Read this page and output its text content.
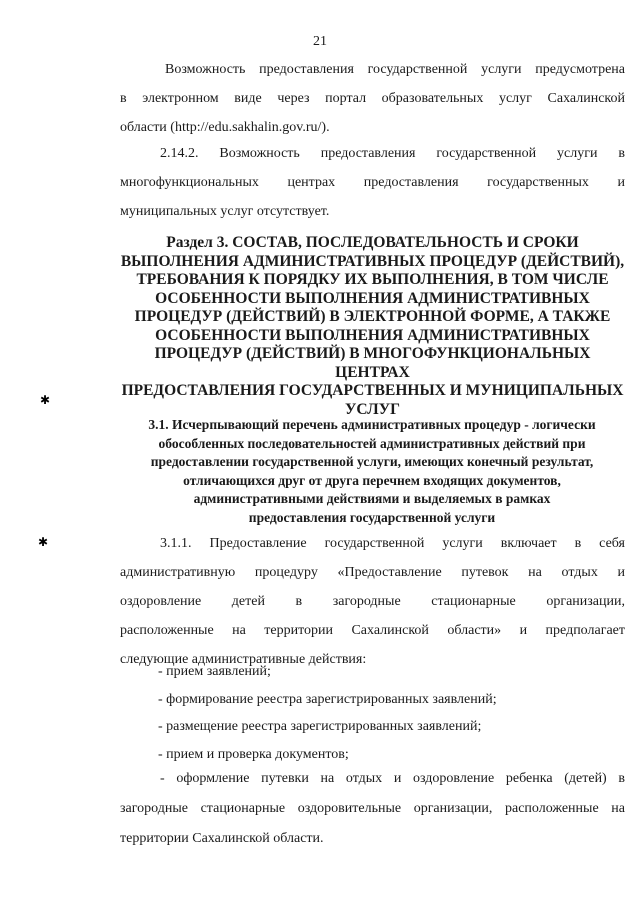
21
Возможность предоставления государственной услуги предусмотрена
в электронном виде через портал образовательных услуг Сахалинской
области (http://edu.sakhalin.gov.ru/).
2.14.2. Возможность предоставления государственной услуги в
многофункциональных центрах предоставления государственных и
муниципальных услуг отсутствует.
Раздел 3. СОСТАВ, ПОСЛЕДОВАТЕЛЬНОСТЬ И СРОКИ
ВЫПОЛНЕНИЯ АДМИНИСТРАТИВНЫХ ПРОЦЕДУР (ДЕЙСТВИЙ),
ТРЕБОВАНИЯ К ПОРЯДКУ ИХ ВЫПОЛНЕНИЯ, В ТОМ ЧИСЛЕ
ОСОБЕННОСТИ ВЫПОЛНЕНИЯ АДМИНИСТРАТИВНЫХ
ПРОЦЕДУР (ДЕЙСТВИЙ) В ЭЛЕКТРОННОЙ ФОРМЕ, А ТАКЖЕ
ОСОБЕННОСТИ ВЫПОЛНЕНИЯ АДМИНИСТРАТИВНЫХ
ПРОЦЕДУР (ДЕЙСТВИЙ) В МНОГОФУНКЦИОНАЛЬНЫХ ЦЕНТРАХ
ПРЕДОСТАВЛЕНИЯ ГОСУДАРСТВЕННЫХ И МУНИЦИПАЛЬНЫХ
УСЛУГ
✱
3.1. Исчерпывающий перечень административных процедур - логически
обособленных последовательностей административных действий при
предоставлении государственной услуги, имеющих конечный результат,
отличающихся друг от друга перечнем входящих документов,
административными действиями и выделяемых в рамках
предоставления государственной услуги
✱	3.1.1. Предоставление государственной услуги включает в себя
административную процедуру «Предоставление путевок на отдых и
оздоровление детей в загородные стационарные организации,
расположенные на территории Сахалинской области» и предполагает
следующие административные действия:
- прием заявлений;
- формирование реестра зарегистрированных заявлений;
- размещение реестра зарегистрированных заявлений;
- прием и проверка документов;
- оформление путевки на отдых и оздоровление ребенка (детей) в
загородные стационарные оздоровительные организации, расположенные на
территории Сахалинской области.
